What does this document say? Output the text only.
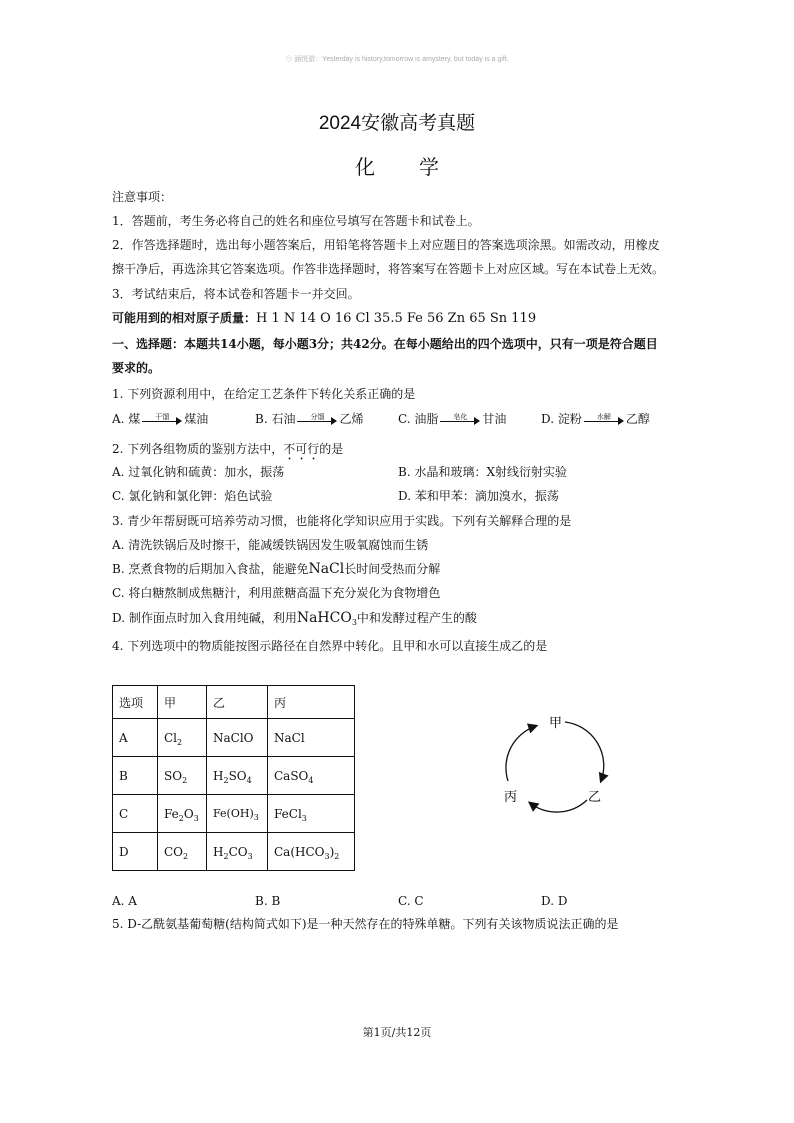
⊙ 涵悦游：Yesterday is history,tomorrow is amystery, but today is a gift.
2024安徽高考真题
化 学
注意事项：
1．答题前，考生务必将自己的姓名和座位号填写在答题卡和试卷上。
2．作答选择题时，选出每小题答案后，用铅笔将答题卡上对应题目的答案选项涂黑。如需改动，用橡皮
擦干净后，再选涂其它答案选项。作答非选择题时，将答案写在答题卡上对应区域。写在本试卷上无效。
3．考试结束后，将本试卷和答题卡一并交回。
可能用到的相对原子质量：H 1 N 14 O 16 Cl 35.5 Fe 56 Zn 65 Sn 119
一、选择题：本题共14小题，每小题3分；共42分。在每小题给出的四个选项中，只有一项是符合题目
要求的。
1. 下列资源利用中，在给定工艺条件下转化关系正确的是
A. 煤	干馏	煤油	B. 石油	分馏	乙烯	C. 油脂	皂化	甘油	D. 淀粉	水解	乙醇
2. 下列各组物质的鉴别方法中，不可行的是
A. 过氧化钠和硫黄：加水，振荡	B. 水晶和玻璃：X射线衍射实验
C. 氯化钠和氯化钾：焰色试验	D. 苯和甲苯：滴加溴水，振荡
3. 青少年帮厨既可培养劳动习惯，也能将化学知识应用于实践。下列有关解释合理的是
A. 清洗铁锅后及时擦干，能减缓铁锅因发生吸氧腐蚀而生锈
B. 烹煮食物的后期加入食盐，能避免NaCl长时间受热而分解
C. 将白糖熬制成焦糖汁，利用蔗糖高温下充分炭化为食物增色
D. 制作面点时加入食用纯碱，利用NaHCO$_3$中和发酵过程产生的酸
4. 下列选项中的物质能按图示路径在自然界中转化。且甲和水可以直接生成乙的是
选项	甲	乙	丙
A	$Cl_2$	NaClO	NaCl
B	$SO_2$	$H_2SO_4$	CaSO$_4$
C	$Fe_2O_3$	$Fe(OH)_3$	FeCl$_3$
D	$CO_2$	$H_2CO_3$	$Ca(HCO_3)_2$
甲
乙
丙
A. A	B. B	C. C	D. D
5. D-乙酰氨基葡萄糖(结构简式如下)是一种天然存在的特殊单糖。下列有关该物质说法正确的是
第1页/共12页
